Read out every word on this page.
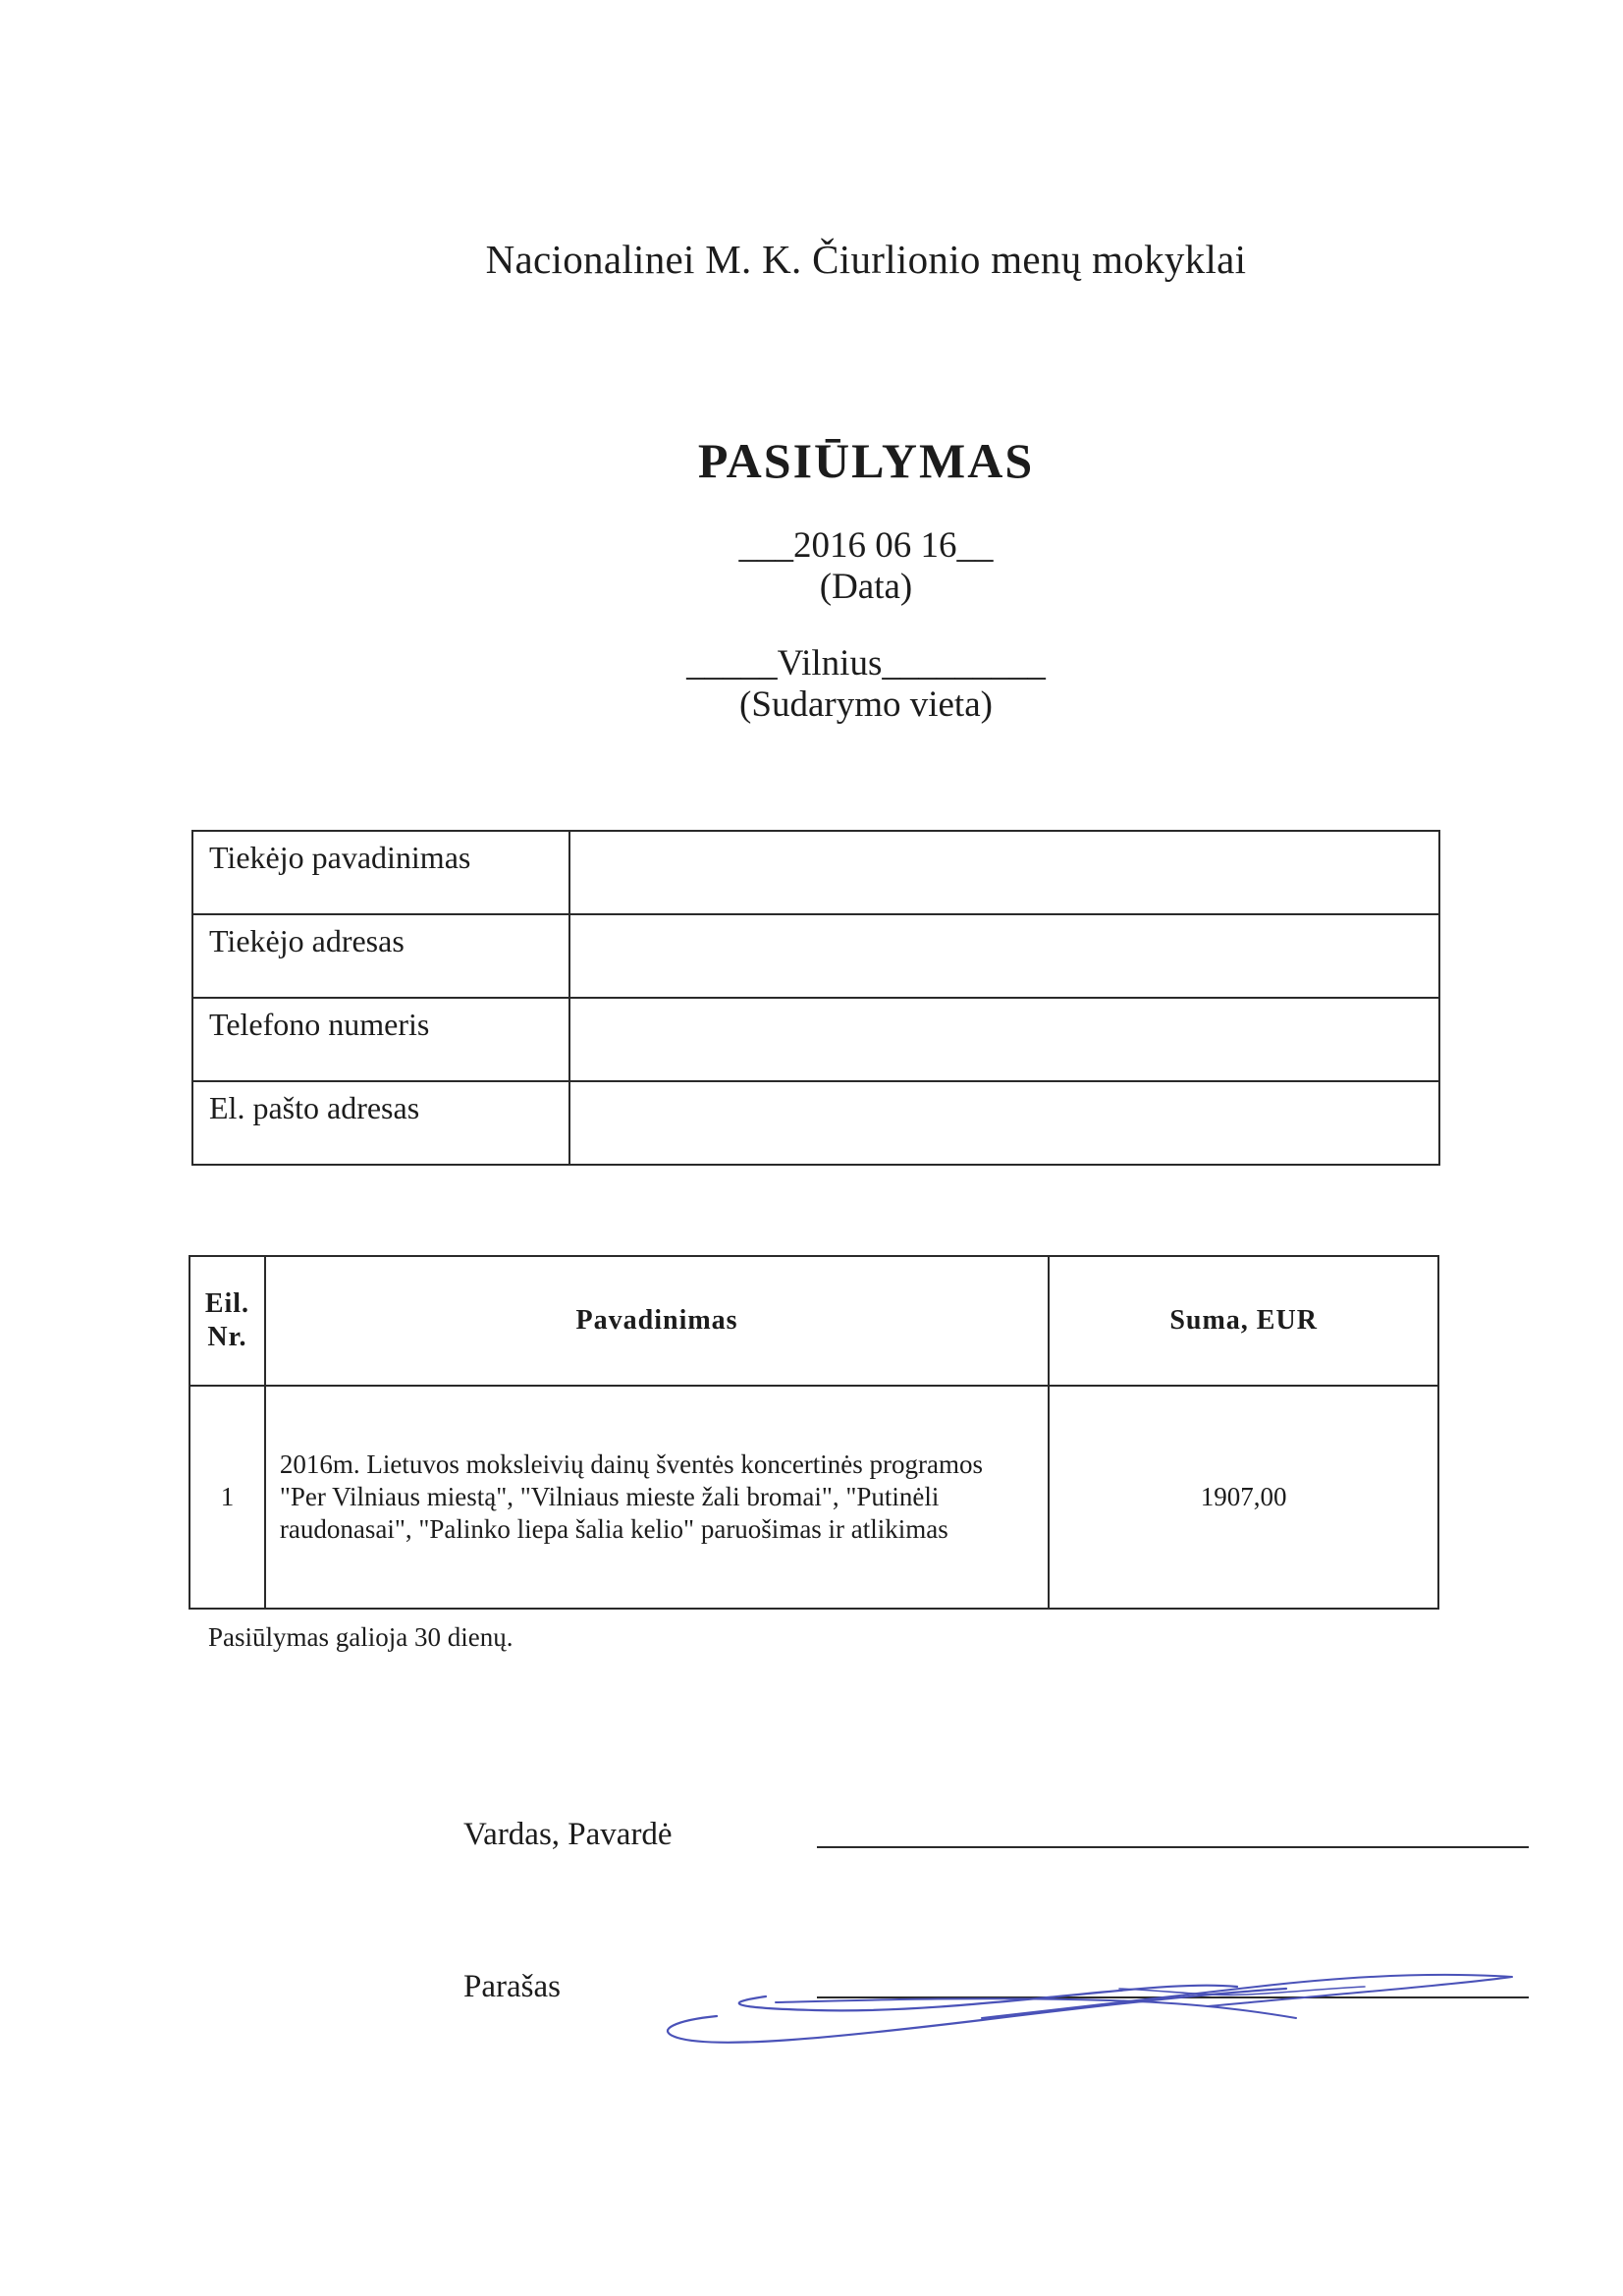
Nacionalinei M. K. Čiurlionio menų mokyklai
PASIŪLYMAS
___2016 06 16__
(Data)
_____Vilnius_________
(Sudarymo vieta)
Tiekėjo pavadinimas	
Tiekėjo adresas	
Telefono numeris	
El. pašto adresas	
Eil.
Nr.	Pavadinimas	Suma, EUR
1	2016m. Lietuvos moksleivių dainų šventės koncertinės programos "Per Vilniaus miestą", "Vilniaus mieste žali bromai", "Putinėli raudonasai", "Palinko liepa šalia kelio" paruošimas ir atlikimas	1907,00
Pasiūlymas galioja 30 dienų.
Vardas, Pavardė
Parašas
